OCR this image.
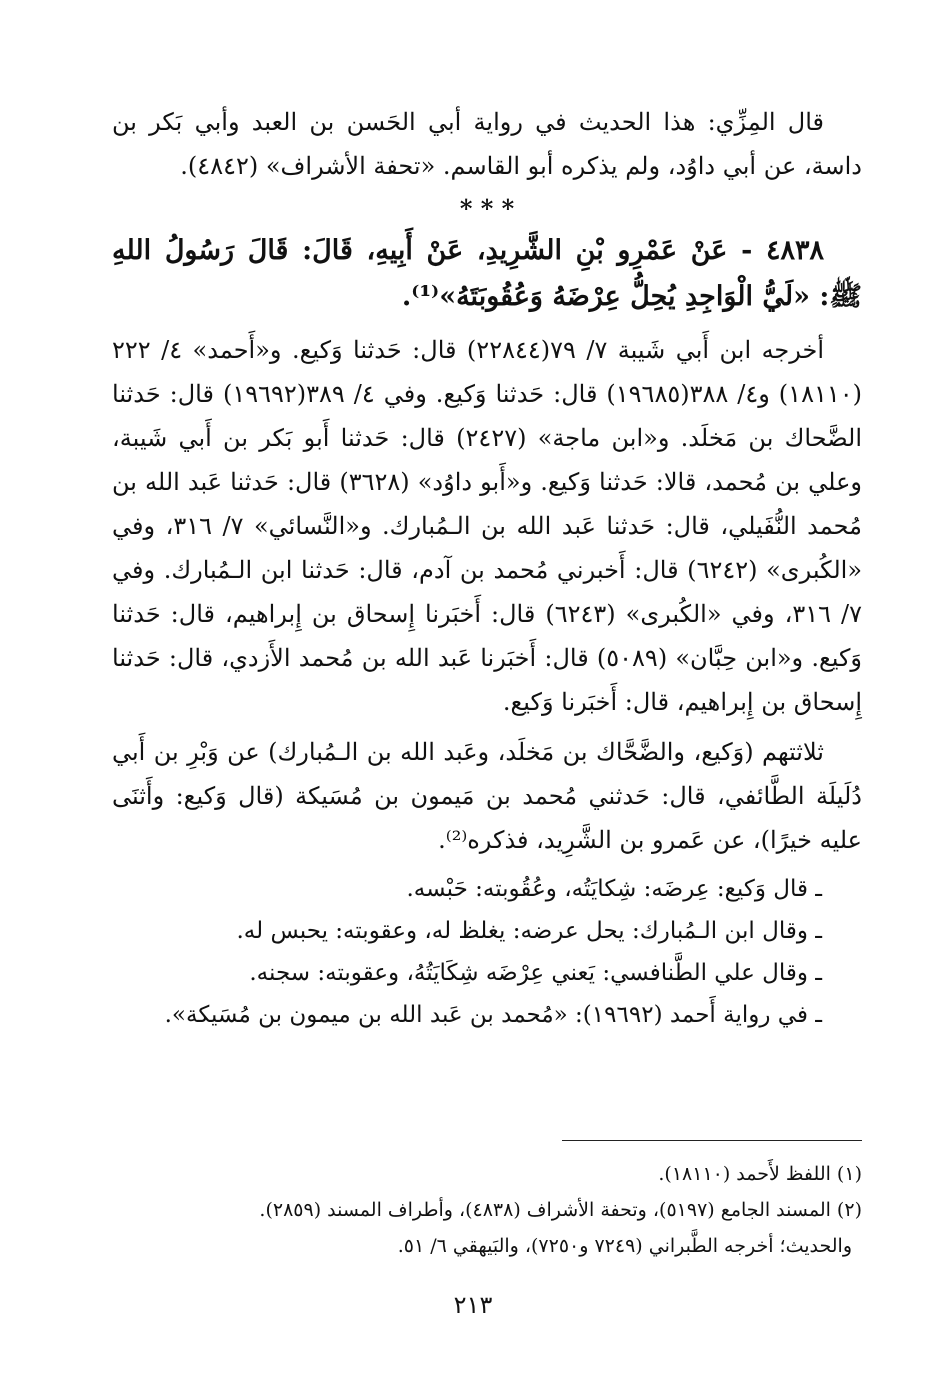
قال المِزِّي: هذا الحديث في رواية أبي الحَسن بن العبد وأبي بَكر بن داسة، عن أبي داوُد، ولم يذكره أبو القاسم. «تحفة الأشراف» (٤٨٤٢).

* * *

٤٨٣٨ - عَنْ عَمْرِو بْنِ الشَّرِيدِ، عَنْ أَبِيهِ، قَالَ: قَالَ رَسُولُ اللهِ ﷺ: «لَيُّ الْوَاجِدِ يُحِلُّ عِرْضَهُ وَعُقُوبَتَهُ»⁽¹⁾.

أخرجه ابن أَبي شَيبة ٧/ ٧٩(٢٢٨٤٤) قال: حَدثنا وَكيع. و«أَحمد» ٤/ ٢٢٢ (١٨١١٠) و٤/ ٣٨٨(١٩٦٨٥) قال: حَدثنا وَكيع. وفي ٤/ ٣٨٩(١٩٦٩٢) قال: حَدثنا الضَّحاك بن مَخلَد. و«ابن ماجة» (٢٤٢٧) قال: حَدثنا أَبو بَكر بن أَبي شَيبة، وعلي بن مُحمد، قالا: حَدثنا وَكيع. و«أَبو داوُد» (٣٦٢٨) قال: حَدثنا عَبد الله بن مُحمد النُّفَيلي، قال: حَدثنا عَبد الله بن الـمُبارك. و«النَّسائي» ٧/ ٣١٦، وفي «الكُبرى» (٦٢٤٢) قال: أَخبرني مُحمد بن آدم، قال: حَدثنا ابن الـمُبارك. وفي ٧/ ٣١٦، وفي «الكُبرى» (٦٢٤٣) قال: أَخبَرنا إِسحاق بن إِبراهيم، قال: حَدثنا وَكيع. و«ابن حِبَّان» (٥٠٨٩) قال: أَخبَرنا عَبد الله بن مُحمد الأَزدي، قال: حَدثنا إِسحاق بن إِبراهيم، قال: أَخبَرنا وَكيع.

ثلاثتهم (وَكيع، والضَّحَّاك بن مَخلَد، وعَبد الله بن الـمُبارك) عن وَبْرِ بن أَبي دُلَيلَة الطَّائفي، قال: حَدثني مُحمد بن مَيمون بن مُسَيكة (قال وَكيع: وأَثنَى عليه خيرًا)، عن عَمرو بن الشَّرِيد، فذكره⁽²⁾.

ـ قال وَكيع: عِرضَه: شِكايَتُه، وعُقُوبته: حَبْسه.

ـ وقال ابن الـمُبارك: يحل عرضه: يغلظ له، وعقوبته: يحبس له.

ـ وقال علي الطَّنافسي: يَعني عِرْضَه شِكَايَتُهُ، وعقوبته: سجنه.

ـ في رواية أَحمد (١٩٦٩٢): «مُحمد بن عَبد الله بن ميمون بن مُسَيكة».

(١) اللفظ لأَحمد (١٨١١٠).

(٢) المسند الجامع (٥١٩٧)، وتحفة الأشراف (٤٨٣٨)، وأطراف المسند (٢٨٥٩).

والحديث؛ أخرجه الطَّبراني (٧٢٤٩ و٧٢٥٠)، والبَيهقي ٦/ ٥١.

٢١٣
